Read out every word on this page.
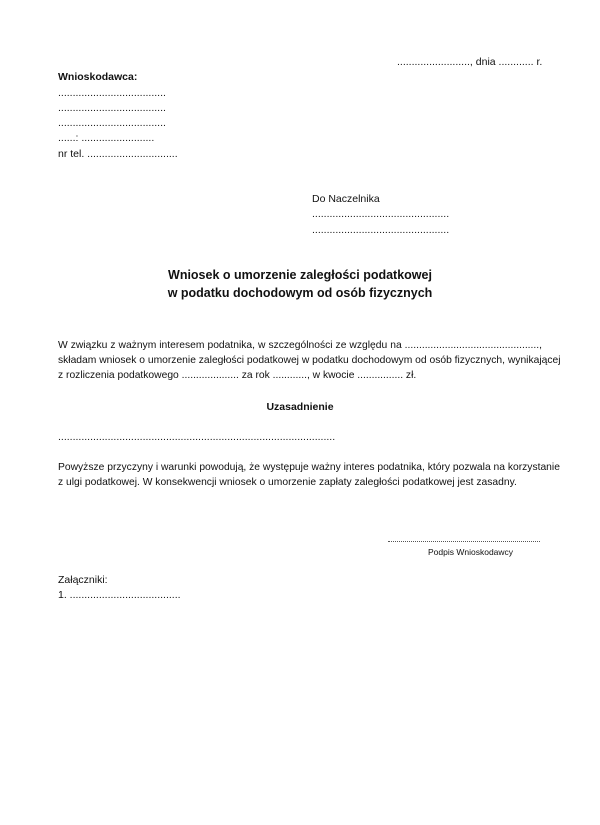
........................., dnia ............ r.
Wnioskodawca:
.....................................
.....................................
.....................................
......: .........................
nr tel. ...............................
Do Naczelnika
...............................................
...............................................
Wniosek o umorzenie zaległości podatkowej
w podatku dochodowym od osób fizycznych
W związku z ważnym interesem podatnika, w szczególności ze względu na ...............................................,
składam wniosek o umorzenie zaległości podatkowej w podatku dochodowym od osób fizycznych, wynikającej
z rozliczenia podatkowego .................... za rok ............, w kwocie ................ zł.
Uzasadnienie
...............................................................................................
Powyższe przyczyny i warunki powodują, że występuje ważny interes podatnika, który pozwala na korzystanie
z ulgi podatkowej. W konsekwencji wniosek o umorzenie zapłaty zaległości podatkowej jest zasadny.
Podpis Wnioskodawcy
Załączniki:
1. ......................................
